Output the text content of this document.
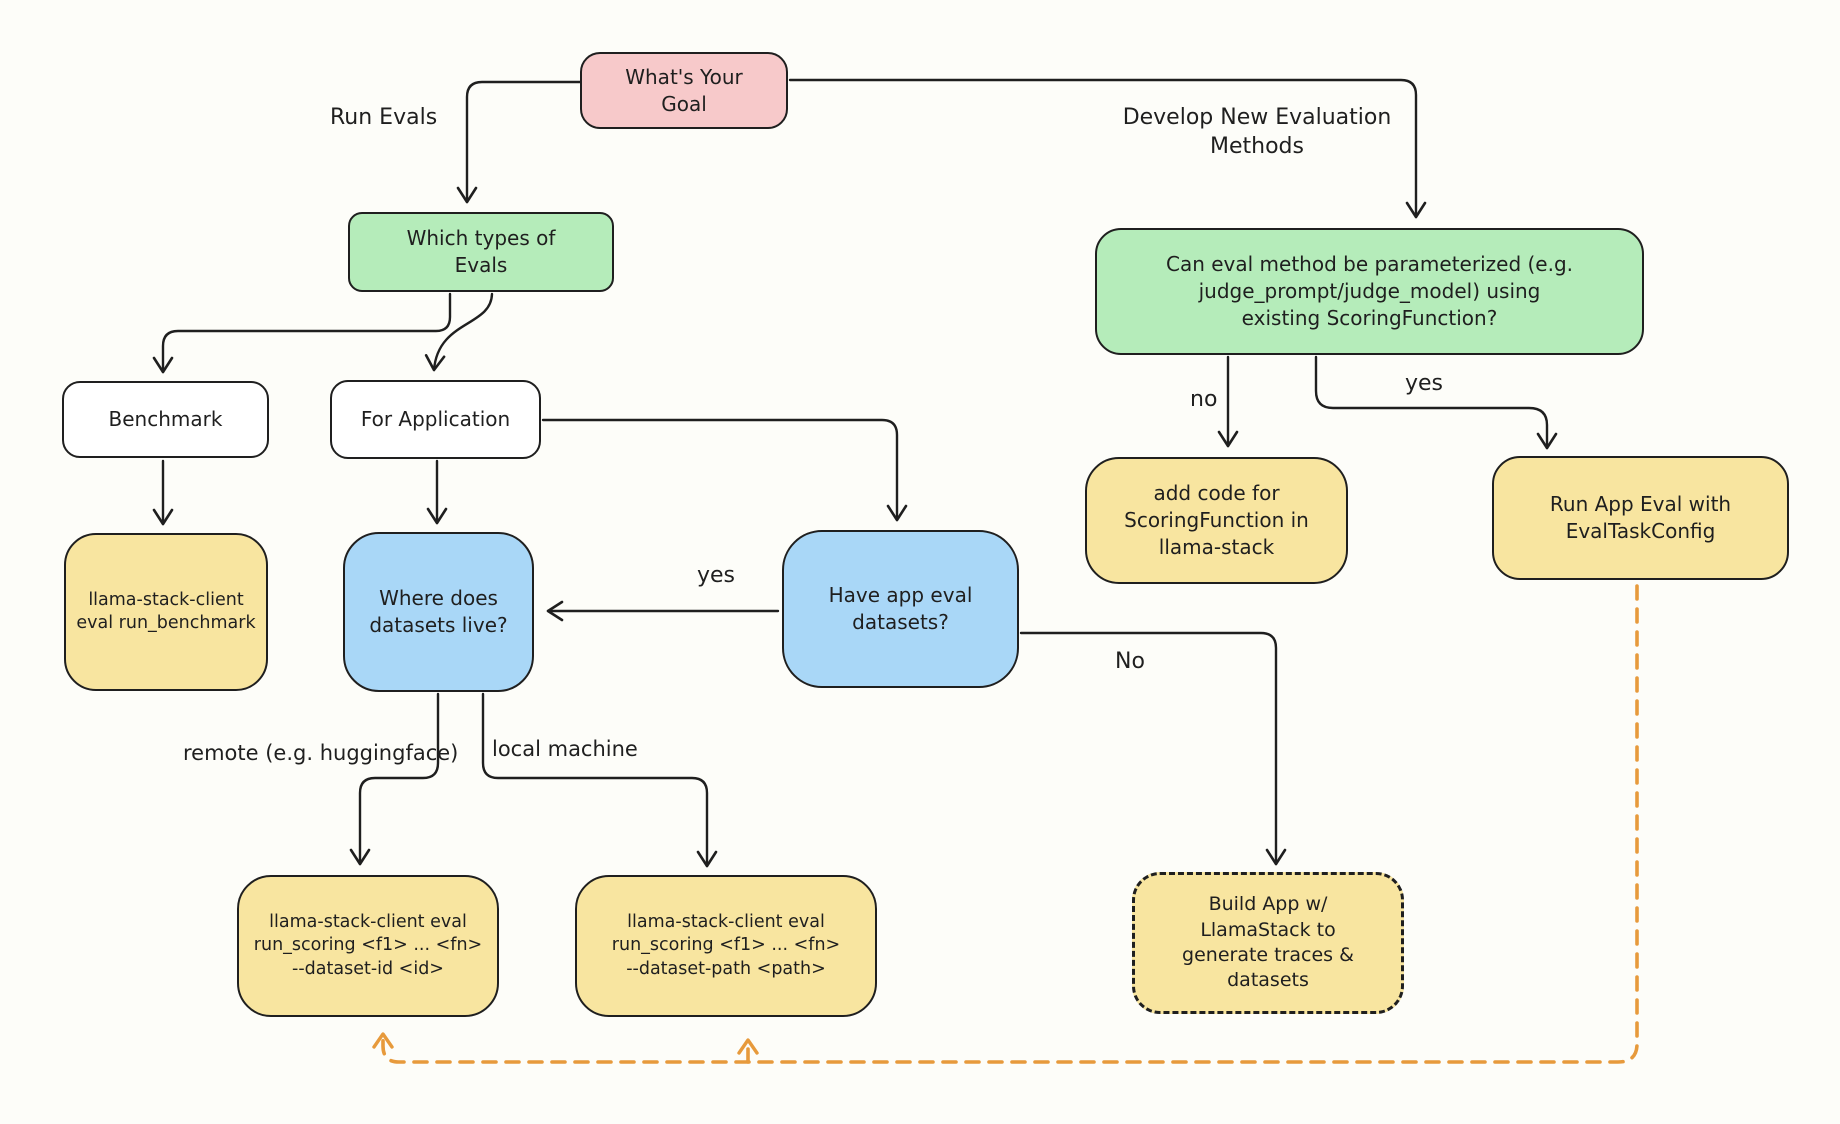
What's Your
Goal
Which types of
Evals
Benchmark	For Application
llama-stack-client
eval run_benchmark
Where does
datasets live?
Have app eval
datasets?
Can eval method be parameterized (e.g.
judge_prompt/judge_model) using
existing ScoringFunction?
add code for
ScoringFunction in
llama-stack
Run App Eval with
EvalTaskConfig
Build App w/
LlamaStack to
generate traces &
datasets
llama-stack-client eval
run_scoring <f1> ... <fn>
--dataset-id <id>
llama-stack-client eval
run_scoring <f1> ... <fn>
--dataset-path <path>
Run Evals	Develop New Evaluation
Methods
yes
No
remote (e.g. huggingface) local machine
no
yes
